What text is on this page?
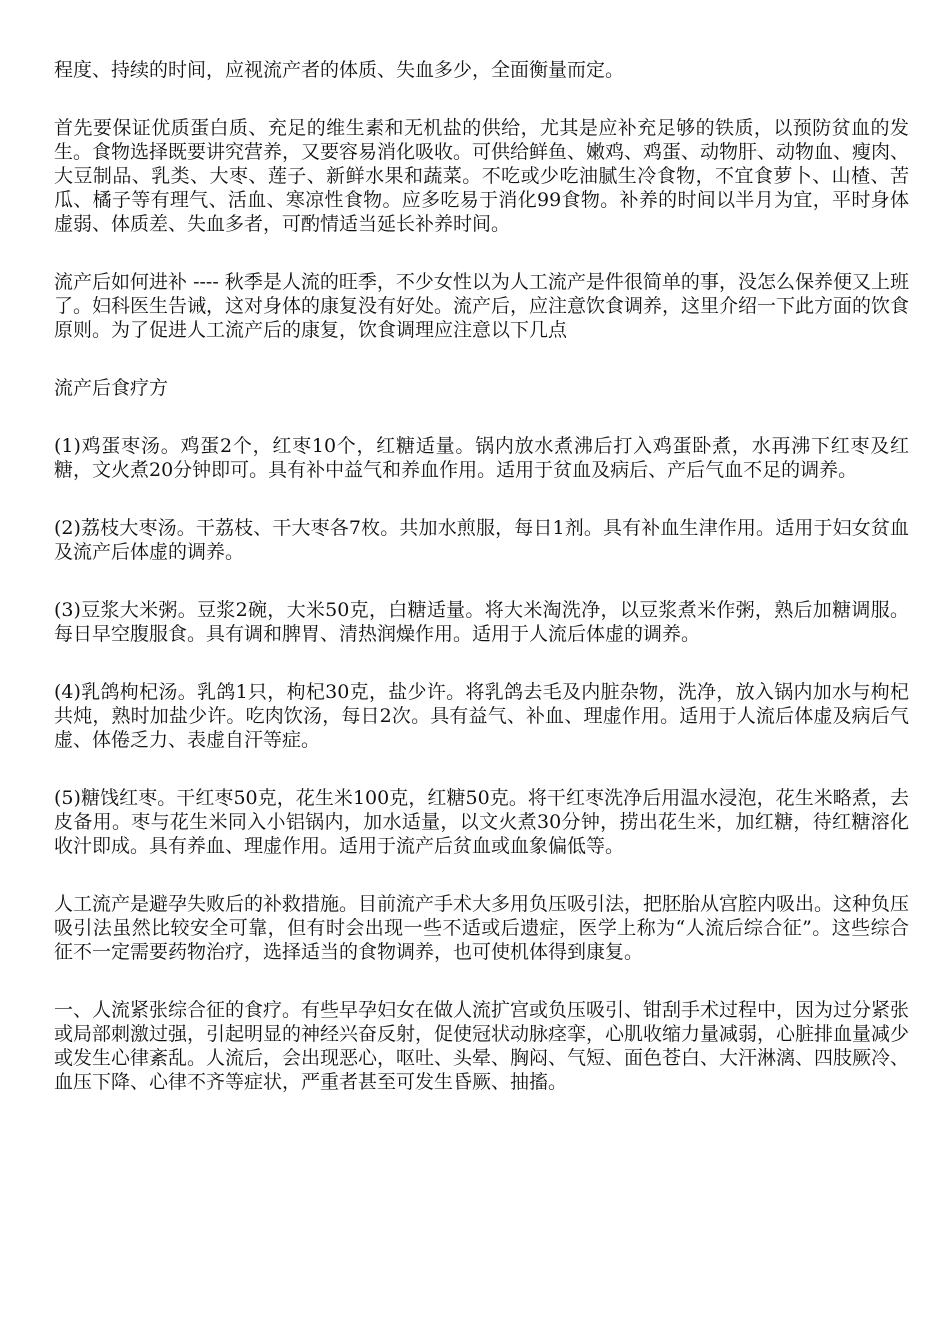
程度、持续的时间，应视流产者的体质、失血多少，全面衡量而定。

首先要保证优质蛋白质、充足的维生素和无机盐的供给，尤其是应补充足够的铁质，以预防贫血的发生。食物选择既要讲究营养，又要容易消化吸收。可供给鲜鱼、嫩鸡、鸡蛋、动物肝、动物血、瘦肉、大豆制品、乳类、大枣、莲子、新鲜水果和蔬菜。不吃或少吃油腻生冷食物，不宜食萝卜、山楂、苦瓜、橘子等有理气、活血、寒凉性食物。应多吃易于消化99食物。补养的时间以半月为宜，平时身体虚弱、体质差、失血多者，可酌情适当延长补养时间。

流产后如何进补 ---- 秋季是人流的旺季，不少女性以为人工流产是件很简单的事，没怎么保养便又上班了。妇科医生告诫，这对身体的康复没有好处。流产后，应注意饮食调养，这里介绍一下此方面的饮食原则。为了促进人工流产后的康复，饮食调理应注意以下几点

流产后食疗方

(1)鸡蛋枣汤。鸡蛋2个，红枣10个，红糖适量。锅内放水煮沸后打入鸡蛋卧煮，水再沸下红枣及红糖，文火煮20分钟即可。具有补中益气和养血作用。适用于贫血及病后、产后气血不足的调养。

(2)荔枝大枣汤。干荔枝、干大枣各7枚。共加水煎服，每日1剂。具有补血生津作用。适用于妇女贫血及流产后体虚的调养。

(3)豆浆大米粥。豆浆2碗，大米50克，白糖适量。将大米淘洗净，以豆浆煮米作粥，熟后加糖调服。每日早空腹服食。具有调和脾胃、清热润燥作用。适用于人流后体虚的调养。

(4)乳鸽枸杞汤。乳鸽1只，枸杞30克，盐少许。将乳鸽去毛及内脏杂物，洗净，放入锅内加水与枸杞共炖，熟时加盐少许。吃肉饮汤，每日2次。具有益气、补血、理虚作用。适用于人流后体虚及病后气虚、体倦乏力、表虚自汗等症。

(5)糖饯红枣。干红枣50克，花生米100克，红糖50克。将干红枣洗净后用温水浸泡，花生米略煮，去皮备用。枣与花生米同入小铝锅内，加水适量，以文火煮30分钟，捞出花生米，加红糖，待红糖溶化收汁即成。具有养血、理虚作用。适用于流产后贫血或血象偏低等。

人工流产是避孕失败后的补救措施。目前流产手术大多用负压吸引法，把胚胎从宫腔内吸出。这种负压吸引法虽然比较安全可靠，但有时会出现一些不适或后遗症，医学上称为“人流后综合征”。这些综合征不一定需要药物治疗，选择适当的食物调养，也可使机体得到康复。

一、人流紧张综合征的食疗。有些早孕妇女在做人流扩宫或负压吸引、钳刮手术过程中，因为过分紧张或局部刺激过强，引起明显的神经兴奋反射，促使冠状动脉痉挛，心肌收缩力量减弱，心脏排血量减少或发生心律紊乱。人流后，会出现恶心，呕吐、头晕、胸闷、气短、面色苍白、大汗淋漓、四肢厥冷、血压下降、心律不齐等症状，严重者甚至可发生昏厥、抽搐。
